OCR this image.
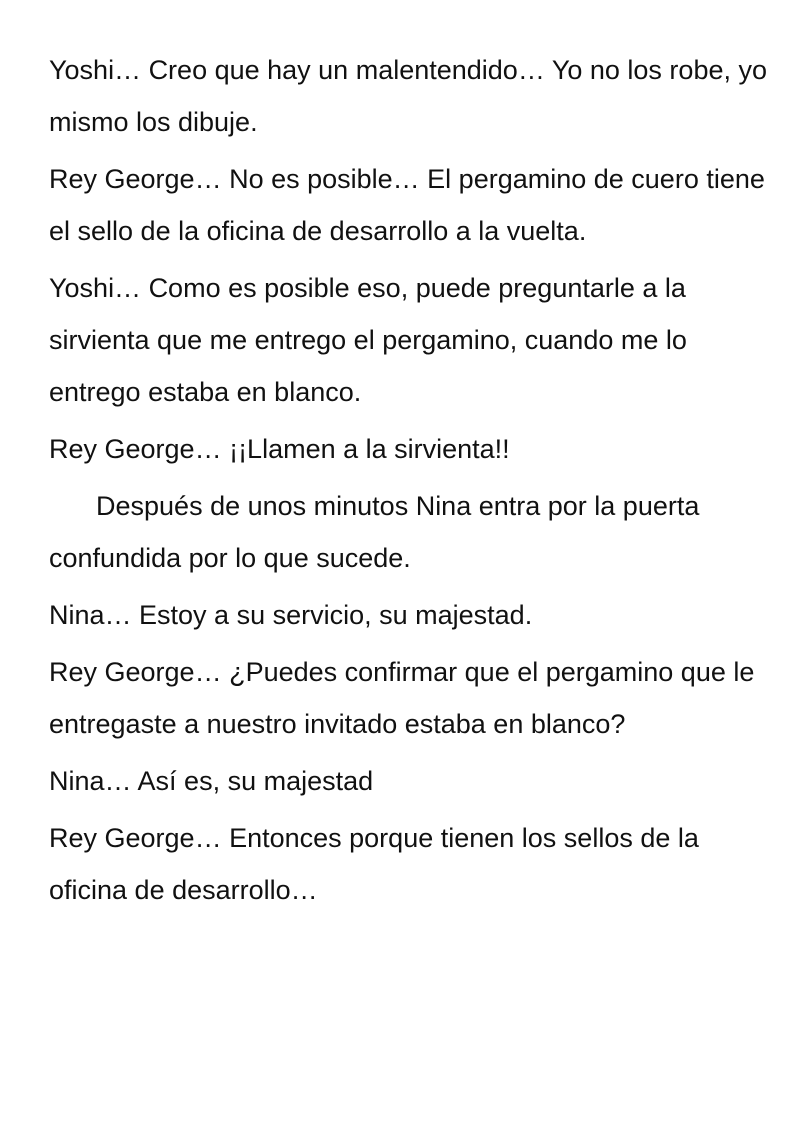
Yoshi… Creo que hay un malentendido… Yo no los robe, yo mismo los dibuje.

Rey George… No es posible… El pergamino de cuero tiene el sello de la oficina de desarrollo a la vuelta.

Yoshi… Como es posible eso, puede preguntarle a la sirvienta que me entrego el pergamino, cuando me lo entrego estaba en blanco.

Rey George… ¡¡Llamen a la sirvienta!!

Después de unos minutos Nina entra por la puerta confundida por lo que sucede.

Nina… Estoy a su servicio, su majestad.

Rey George… ¿Puedes confirmar que el pergamino que le entregaste a nuestro invitado estaba en blanco?

Nina… Así es, su majestad

Rey George… Entonces porque tienen los sellos de la oficina de desarrollo…
